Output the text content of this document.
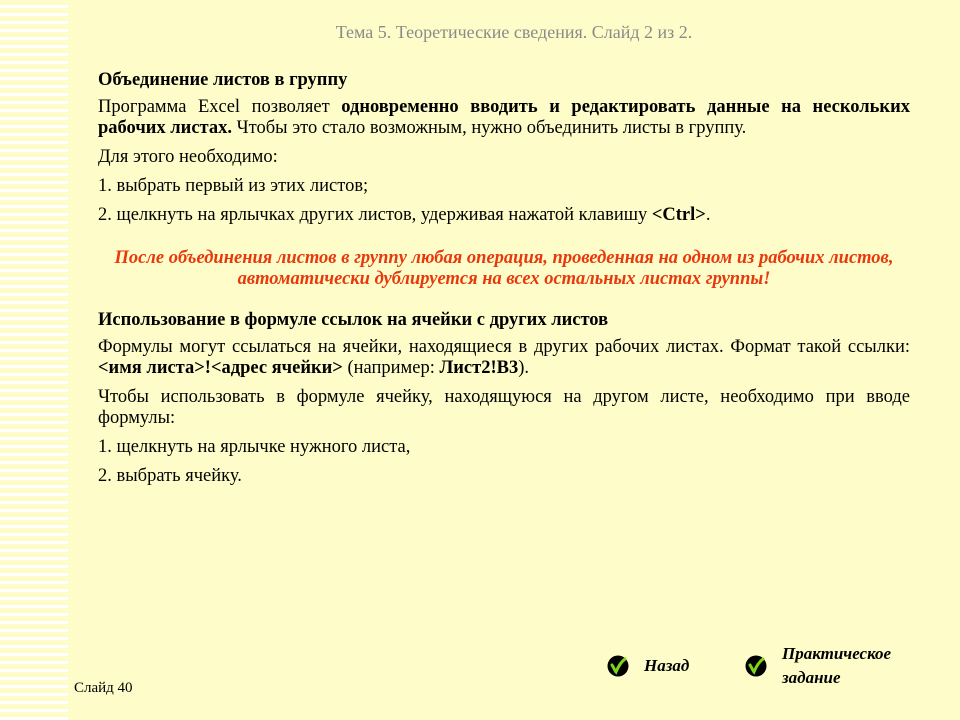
Тема 5. Теоретические сведения. Слайд 2 из 2.

Объединение листов в группу

Программа Excel позволяет одновременно вводить и редактировать данные на нескольких рабочих листах. Чтобы это стало возможным, нужно объединить листы в группу.

Для этого необходимо:

1. выбрать первый из этих листов;

2. щелкнуть на ярлычках других листов, удерживая нажатой клавишу <Ctrl>.

После объединения листов в группу любая операция, проведенная на одном из рабочих листов, автоматически дублируется на всех остальных листах группы!

Использование в формуле ссылок на ячейки с других листов

Формулы могут ссылаться на ячейки, находящиеся в других рабочих листах. Формат такой ссылки: <имя листа>!<адрес ячейки> (например: Лист2!B3).

Чтобы использовать в формуле ячейку, находящуюся на другом листе, необходимо при вводе формулы:

1. щелкнуть на ярлычке нужного листа,

2. выбрать ячейку.

Назад
Практическое задание
Слайд 40
